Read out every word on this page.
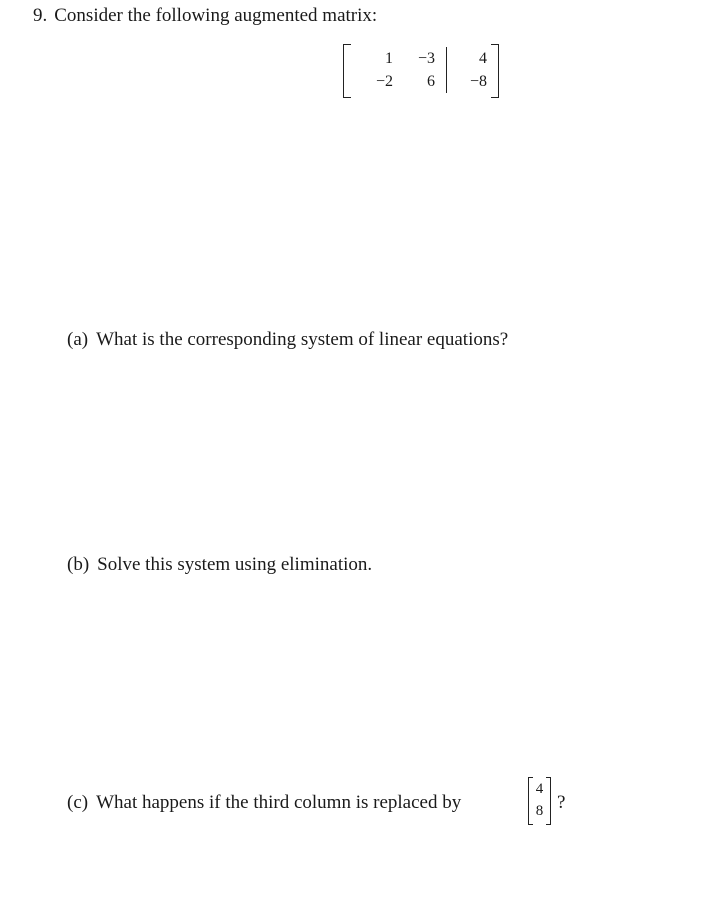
9. Consider the following augmented matrix:
1	−3	4
−2	6	−8
(a) What is the corresponding system of linear equations?
(b) Solve this system using elimination.
(c) What happens if the third column is replaced by
4
8 ?
